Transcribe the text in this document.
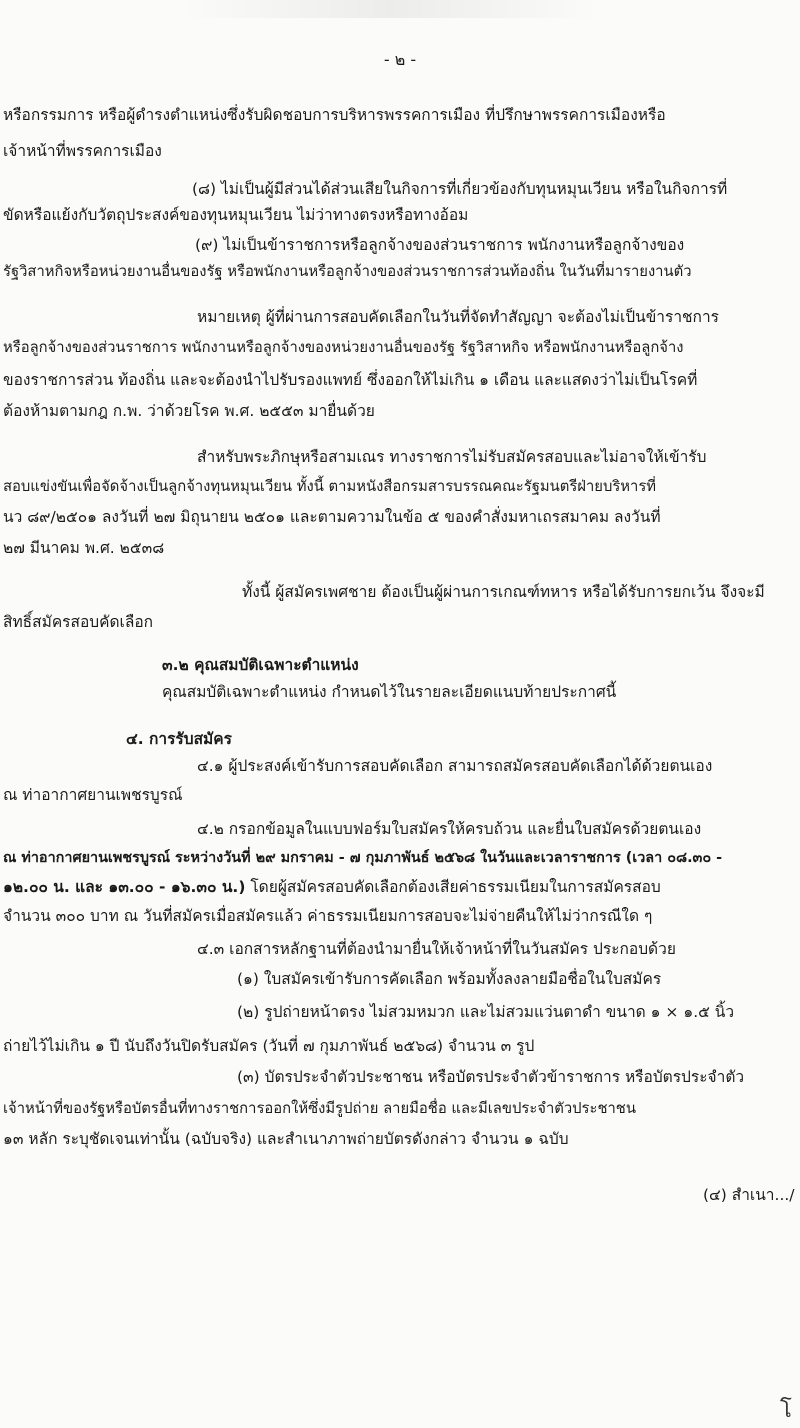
- ๒ -
หรือกรรมการ หรือผู้ดำรงตำแหน่งซึ่งรับผิดชอบการบริหารพรรคการเมือง ที่ปรึกษาพรรคการเมืองหรือ
เจ้าหน้าที่พรรคการเมือง
(๘) ไม่เป็นผู้มีส่วนได้ส่วนเสียในกิจการที่เกี่ยวข้องกับทุนหมุนเวียน หรือในกิจการที่
ขัดหรือแย้งกับวัตถุประสงค์ของทุนหมุนเวียน ไม่ว่าทางตรงหรือทางอ้อม
(๙) ไม่เป็นข้าราชการหรือลูกจ้างของส่วนราชการ พนักงานหรือลูกจ้างของ
รัฐวิสาหกิจหรือหน่วยงานอื่นของรัฐ หรือพนักงานหรือลูกจ้างของส่วนราชการส่วนท้องถิ่น ในวันที่มารายงานตัว
หมายเหตุ ผู้ที่ผ่านการสอบคัดเลือกในวันที่จัดทำสัญญา จะต้องไม่เป็นข้าราชการ
หรือลูกจ้างของส่วนราชการ พนักงานหรือลูกจ้างของหน่วยงานอื่นของรัฐ รัฐวิสาหกิจ หรือพนักงานหรือลูกจ้าง
ของราชการส่วน ท้องถิ่น และจะต้องนำไปรับรองแพทย์ ซึ่งออกให้ไม่เกิน ๑ เดือน และแสดงว่าไม่เป็นโรคที่
ต้องห้ามตามกฎ ก.พ. ว่าด้วยโรค พ.ศ. ๒๕๕๓ มายื่นด้วย
สำหรับพระภิกษุหรือสามเณร ทางราชการไม่รับสมัครสอบและไม่อาจให้เข้ารับ
สอบแข่งขันเพื่อจัดจ้างเป็นลูกจ้างทุนหมุนเวียน ทั้งนี้ ตามหนังสือกรมสารบรรณคณะรัฐมนตรีฝ่ายบริหารที่
นว ๘๙/๒๕๐๑ ลงวันที่ ๒๗ มิถุนายน ๒๕๐๑ และตามความในข้อ ๕ ของคำสั่งมหาเถรสมาคม ลงวันที่
๒๗ มีนาคม พ.ศ. ๒๕๓๘
ทั้งนี้ ผู้สมัครเพศชาย ต้องเป็นผู้ผ่านการเกณฑ์ทหาร หรือได้รับการยกเว้น จึงจะมี
สิทธิ์สมัครสอบคัดเลือก
๓.๒ คุณสมบัติเฉพาะตำแหน่ง
คุณสมบัติเฉพาะตำแหน่ง กำหนดไว้ในรายละเอียดแนบท้ายประกาศนี้
๔. การรับสมัคร
๔.๑ ผู้ประสงค์เข้ารับการสอบคัดเลือก สามารถสมัครสอบคัดเลือกได้ด้วยตนเอง
ณ ท่าอากาศยานเพชรบูรณ์
๔.๒ กรอกข้อมูลในแบบฟอร์มใบสมัครให้ครบถ้วน และยื่นใบสมัครด้วยตนเอง
ณ ท่าอากาศยานเพชรบูรณ์ ระหว่างวันที่ ๒๙ มกราคม - ๗ กุมภาพันธ์ ๒๕๖๘ ในวันและเวลาราชการ (เวลา ๐๘.๓๐ -
๑๒.๐๐ น. และ ๑๓.๐๐ - ๑๖.๓๐ น.) โดยผู้สมัครสอบคัดเลือกต้องเสียค่าธรรมเนียมในการสมัครสอบ
จำนวน ๓๐๐ บาท ณ วันที่สมัครเมื่อสมัครแล้ว ค่าธรรมเนียมการสอบจะไม่จ่ายคืนให้ไม่ว่ากรณีใด ๆ
๔.๓ เอกสารหลักฐานที่ต้องนำมายื่นให้เจ้าหน้าที่ในวันสมัคร ประกอบด้วย
(๑) ใบสมัครเข้ารับการคัดเลือก พร้อมทั้งลงลายมือชื่อในใบสมัคร
(๒) รูปถ่ายหน้าตรง ไม่สวมหมวก และไม่สวมแว่นตาดำ ขนาด ๑ × ๑.๕ นิ้ว
ถ่ายไว้ไม่เกิน ๑ ปี นับถึงวันปิดรับสมัคร (วันที่ ๗ กุมภาพันธ์ ๒๕๖๘) จำนวน ๓ รูป
(๓) บัตรประจำตัวประชาชน หรือบัตรประจำตัวข้าราชการ หรือบัตรประจำตัว
เจ้าหน้าที่ของรัฐหรือบัตรอื่นที่ทางราชการออกให้ซึ่งมีรูปถ่าย ลายมือชื่อ และมีเลขประจำตัวประชาชน
๑๓ หลัก ระบุชัดเจนเท่านั้น (ฉบับจริง) และสำเนาภาพถ่ายบัตรดังกล่าว จำนวน ๑ ฉบับ
(๔) สำเนา.../
โ
